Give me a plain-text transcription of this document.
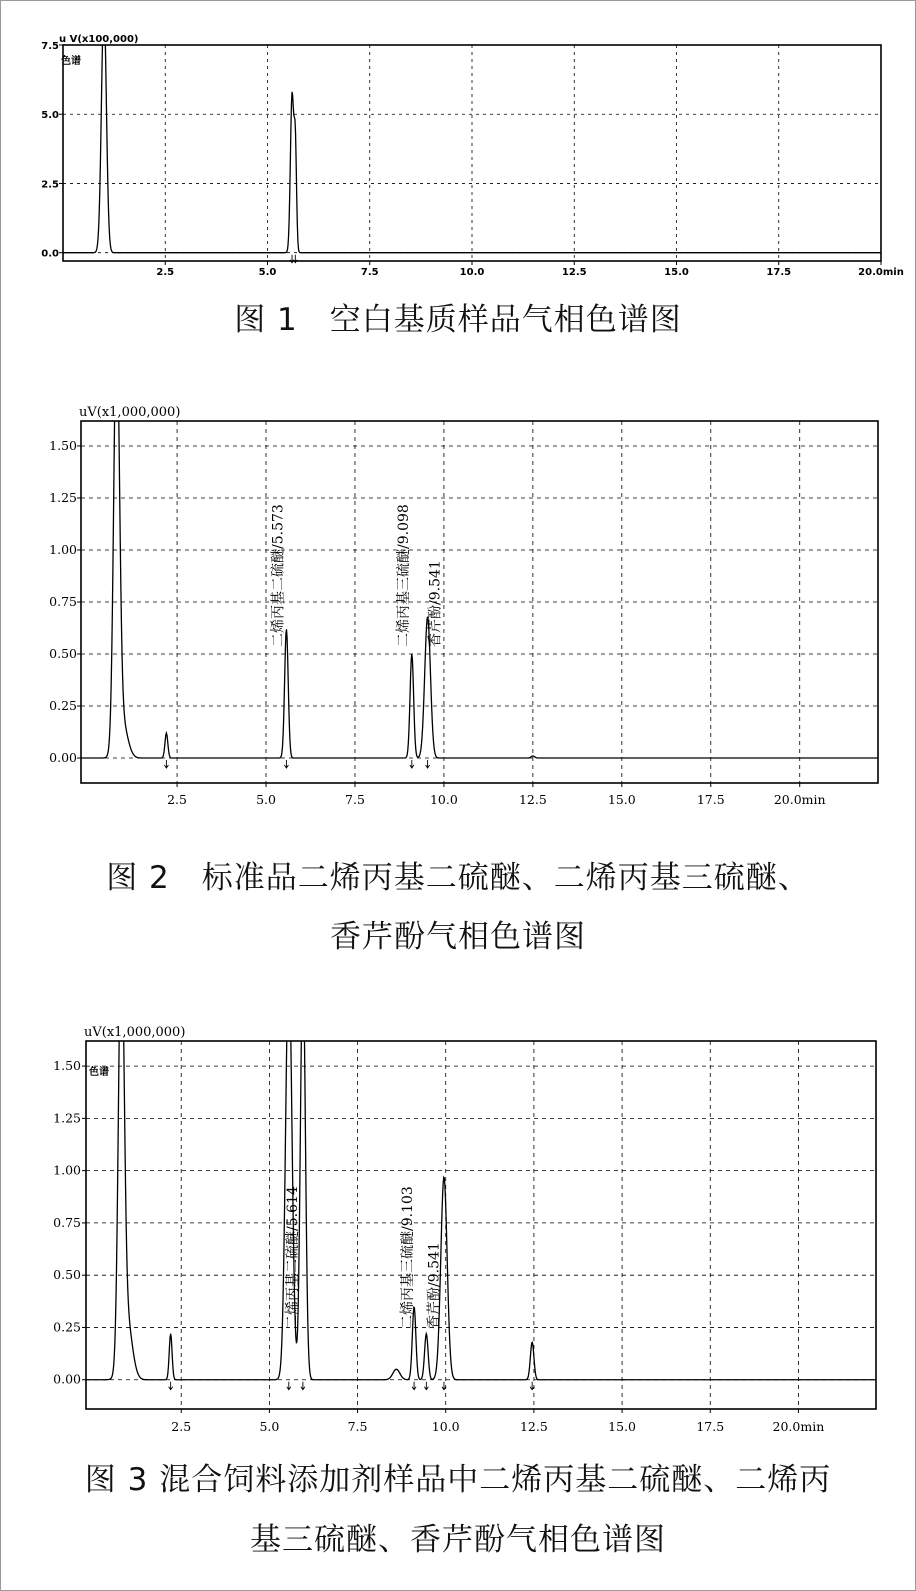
2.5	5.0	7.5	10.0	12.5	15.0	17.5	20.0min
0.0
2.5
5.0
7.5
u V(x100,000)
色谱
图 1　空白基质样品气相色谱图
2.5	5.0	7.5	10.0	12.5	15.0	17.5	20.0min
0.00
0.25
0.50
0.75
1.00
1.25
1.50
uV(x1,000,000)
二烯丙基二硫醚/5.573	二烯丙基三硫醚/9.098 香芹酚/9.541
图 2　标准品二烯丙基二硫醚、二烯丙基三硫醚、
香芹酚气相色谱图
2.5	5.0	7.5	10.0	12.5	15.0	17.5	20.0min
0.00
0.25
0.50
0.75
1.00
1.25
1.50
uV(x1,000,000)
色谱
二烯丙基二硫醚/5.614	二烯丙基三硫醚/9.103 香芹酚/9.541
图 3 混合饲料添加剂样品中二烯丙基二硫醚、二烯丙
基三硫醚、香芹酚气相色谱图
